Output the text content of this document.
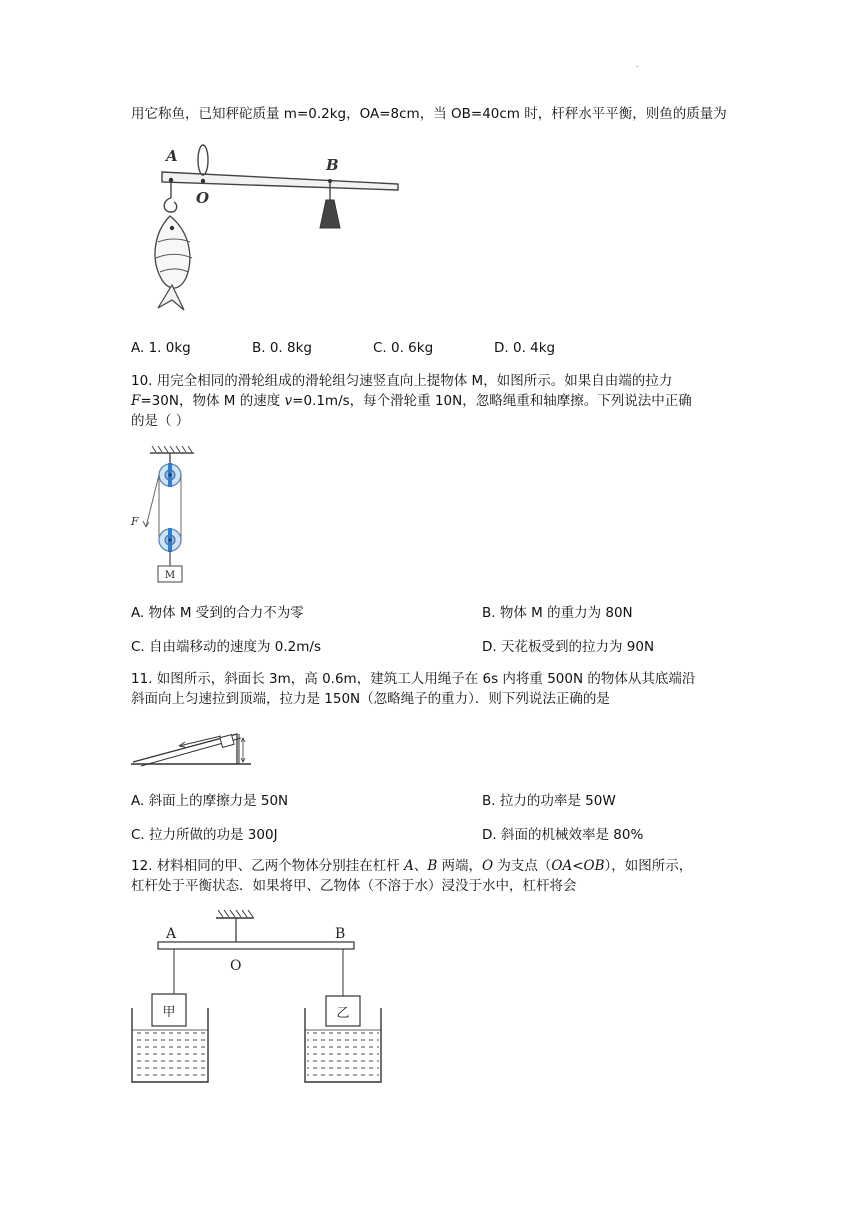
.
用它称鱼，已知秤砣质量 m=0.2kg，OA=8cm，当 OB=40cm 时，杆秤水平平衡，则鱼的质量为
A
O
B
A. 1. 0kg	B. 0. 8kg	C. 0. 6kg	D. 0. 4kg
10. 用完全相同的滑轮组成的滑轮组匀速竖直向上提物体 M，如图所示。如果自由端的拉力
F=30N，物体 M 的速度 v=0.1m/s，每个滑轮重 10N，忽略绳重和轴摩擦。下列说法中正确
的是（ ）
F
M
A. 物体 M 受到的合力不为零	B. 物体 M 的重力为 80N
C. 自由端移动的速度为 0.2m/s	D. 天花板受到的拉力为 90N
11. 如图所示，斜面长 3m，高 0.6m，建筑工人用绳子在 6s 内将重 500N 的物体从其底端沿
斜面向上匀速拉到顶端，拉力是 150N（忽略绳子的重力）．则下列说法正确的是
A. 斜面上的摩擦力是 50N	B. 拉力的功率是 50W
C. 拉力所做的功是 300J	D. 斜面的机械效率是 80%
12. 材料相同的甲、乙两个物体分别挂在杠杆 A、B 两端，O 为支点（OA<OB），如图所示，
杠杆处于平衡状态．如果将甲、乙物体（不溶于水）浸没于水中，杠杆将会
A	B
O
甲	乙
